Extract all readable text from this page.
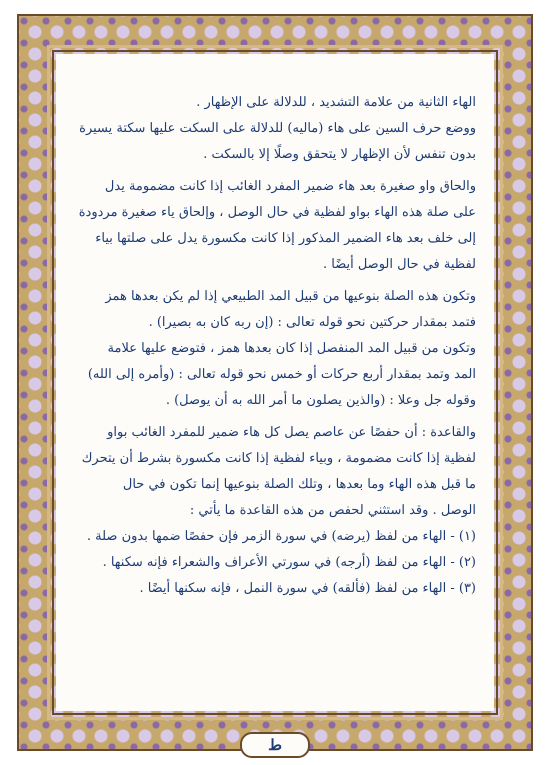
الهاء الثانية من علامة التشديد ، للدلالة على الإظهار .
ووضع حرف السين على هاء (ماليه) للدلالة على السكت عليها سكتة يسيرة
بدون تنفس لأن الإظهار لا يتحقق وصلًا إلا بالسكت .
والحاق واو صغيرة بعد هاء ضمير المفرد الغائب إذا كانت مضمومة يدل
على صلة هذه الهاء بواو لفظية في حال الوصل ، وإلحاق ياء صغيرة مردودة
إلى خلف بعد هاء الضمير المذكور إذا كانت مكسورة يدل على صلتها بياء
لفظية في حال الوصل أيضًا .
وتكون هذه الصلة بنوعيها من قبيل المد الطبيعي إذا لم يكن بعدها همز
فتمد بمقدار حركتين نحو قوله تعالى : (إن ربه كان به بصيرا) .
وتكون من قبيل المد المنفصل إذا كان بعدها همز ، فتوضع عليها علامة
المد وتمد بمقدار أربع حركات أو خمس نحو قوله تعالى : (وأمره إلى الله)
وقوله جل وعلا : (والذين يصلون ما أمر الله به أن يوصل) .
والقاعدة : أن حفصًا عن عاصم يصل كل هاء ضمير للمفرد الغائب بواو
لفظية إذا كانت مضمومة ، وبياء لفظية إذا كانت مكسورة بشرط أن يتحرك
ما قبل هذه الهاء وما بعدها ، وتلك الصلة بنوعيها إنما تكون في حال
الوصل . وقد استثني لحفص من هذه القاعدة ما يأتي :
(١) - الهاء من لفظ (يرضه) في سورة الزمر فإن حفصًا ضمها بدون صلة .
(٢) - الهاء من لفظ (أرجه) في سورتي الأعراف والشعراء فإنه سكنها .
(٣) - الهاء من لفظ (فألقه) في سورة النمل ، فإنه سكنها أيضًا .
ط
